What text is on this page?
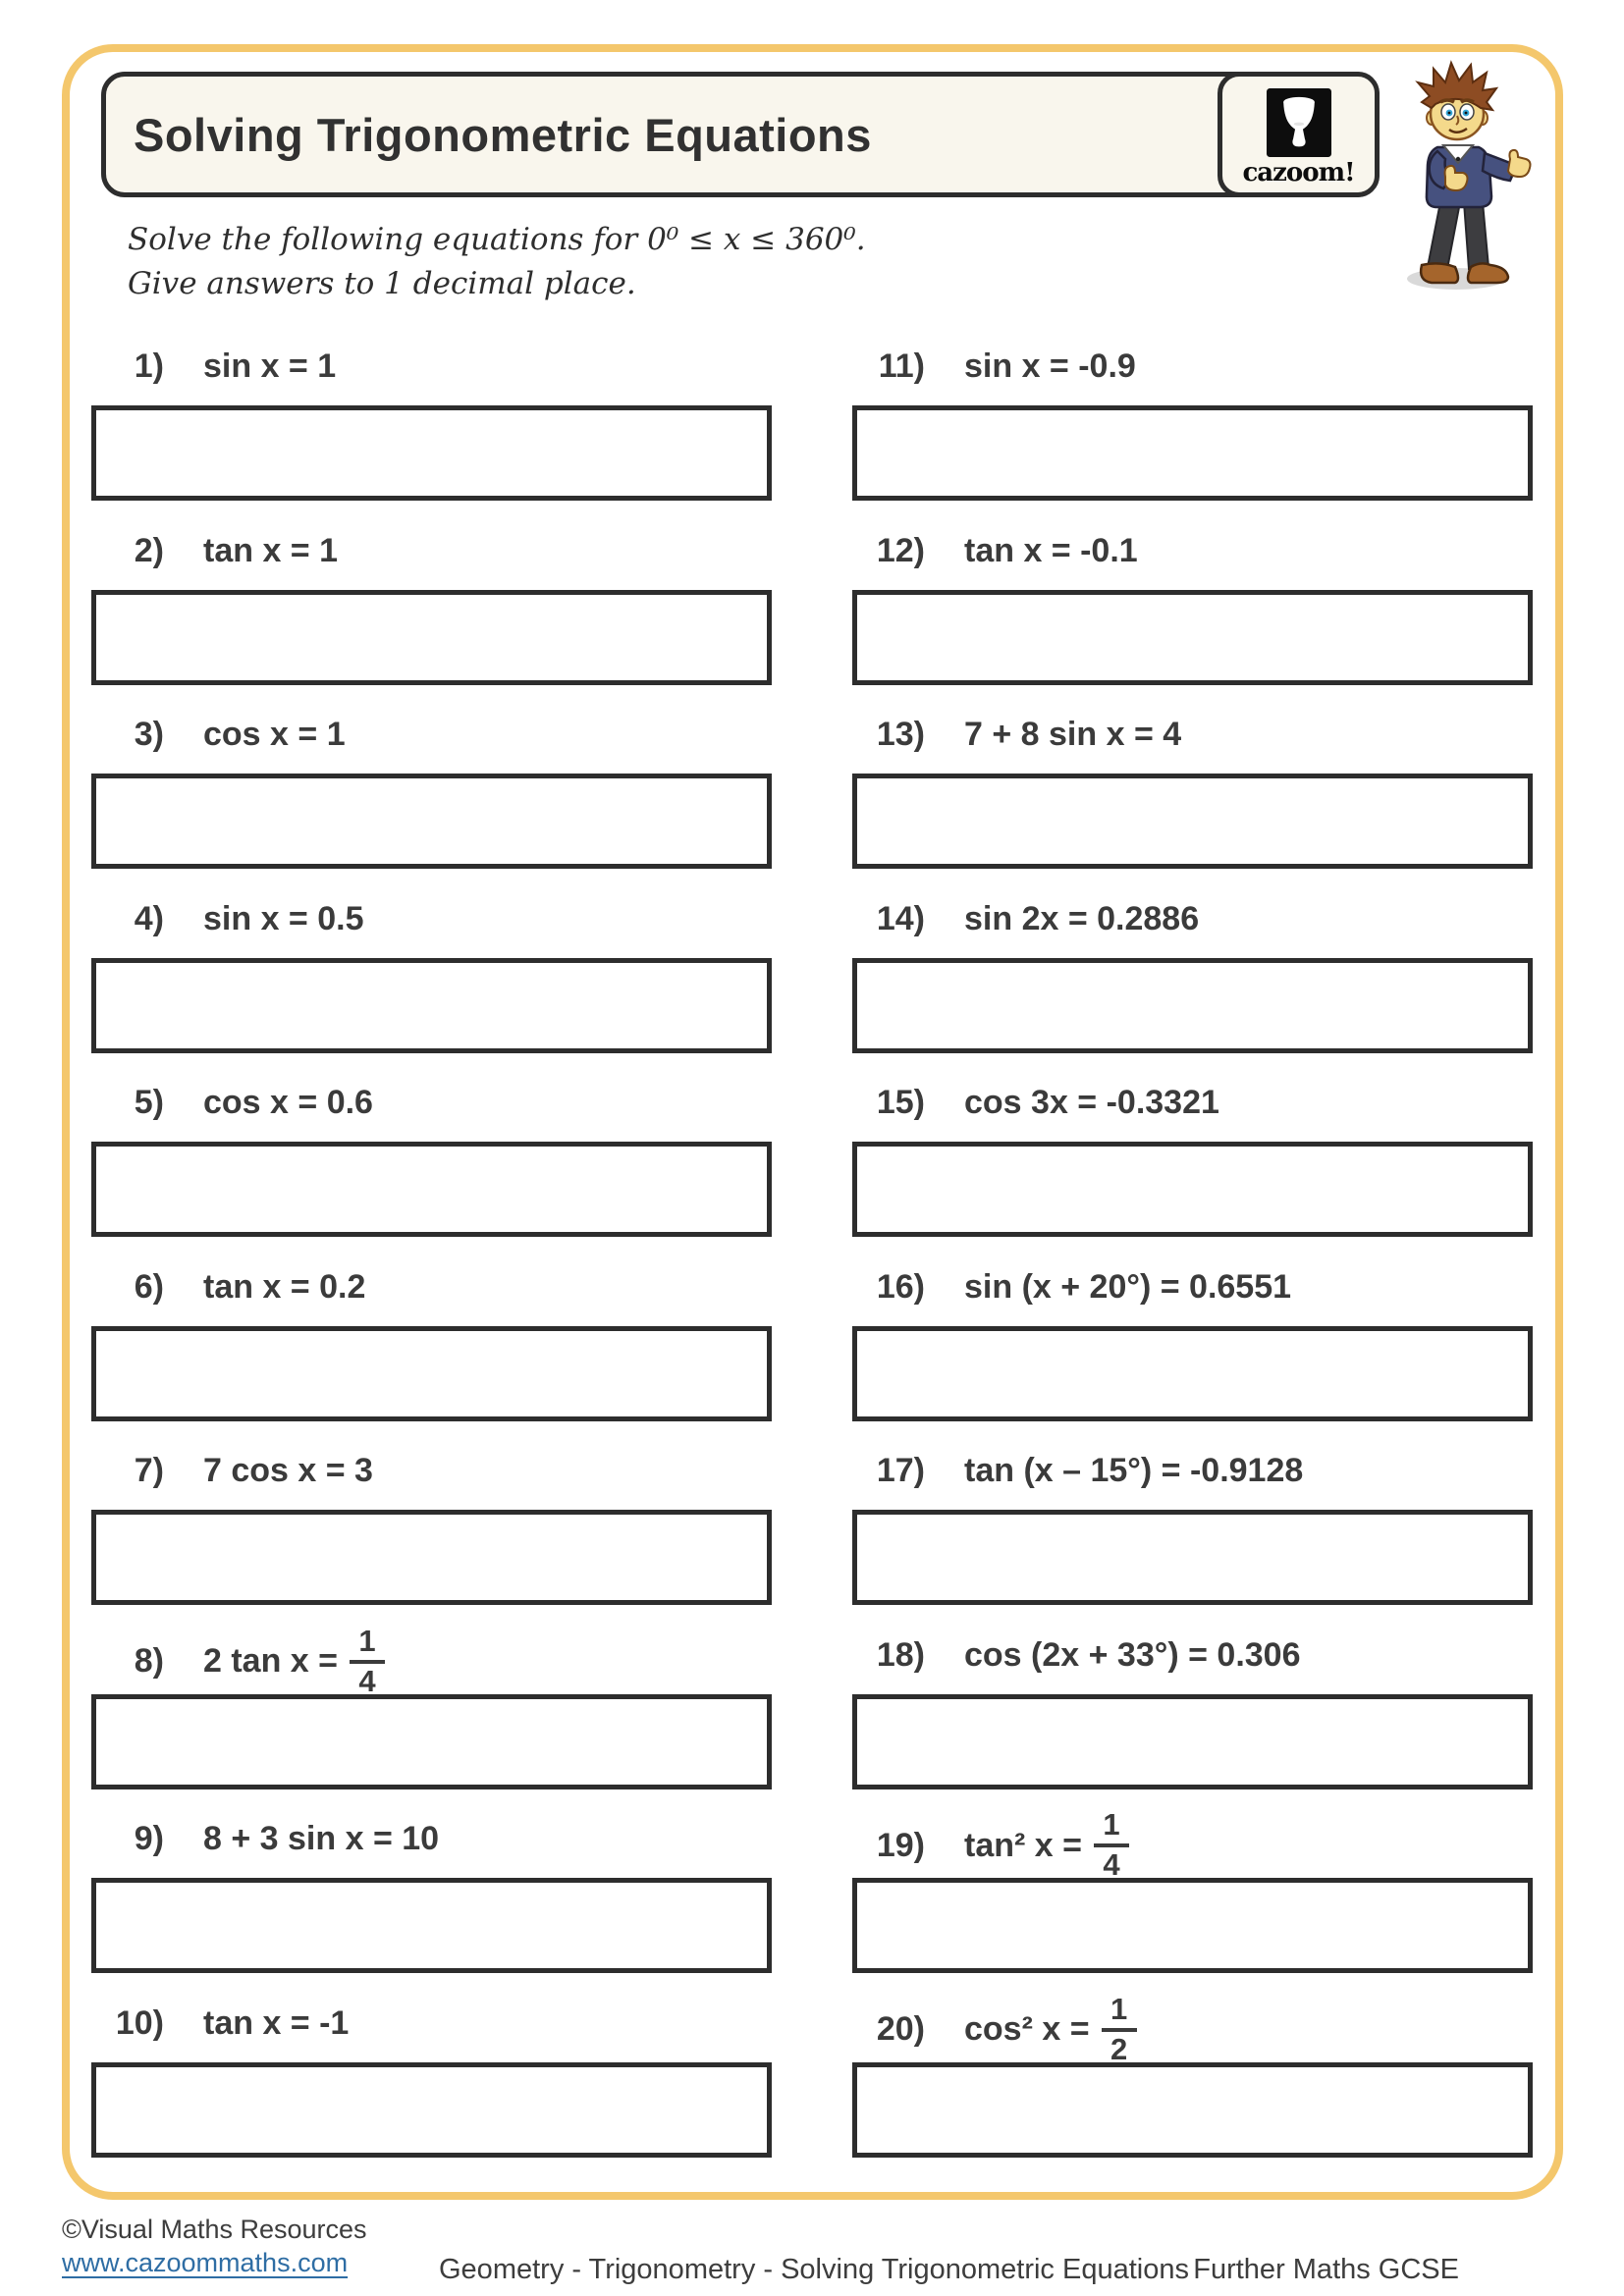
Solving Trigonometric Equations
cazoom!
Solve the following equations for 0⁰ ≤ x ≤ 360⁰.
Give answers to 1 decimal place.
1) sin x = 1
2) tan x = 1
3) cos x = 1
4) sin x = 0.5
5) cos x = 0.6
6) tan x = 0.2
7) 7 cos x = 3
8) 2 $\tan x = \frac{1}{4}$
9) 8 + 3 sin x = 10
10) tan x = -1
11) sin x = -0.9
12) tan x = -0.1
13) 7 + 8 sin x = 4
14) sin 2x = 0.2886
15) cos 3x = -0.3321
16) sin (x + 20°) = 0.6551
17) tan (x – 15°) = -0.9128
18) cos (2x + 33°) = 0.306
19) tan² $x = \frac{1}{4}$
20) cos² $x = \frac{1}{2}$
©Visual Maths Resources
www.cazoommaths.com	Geometry - Trigonometry - Solving Trigonometric Equations Further Maths GCSE
